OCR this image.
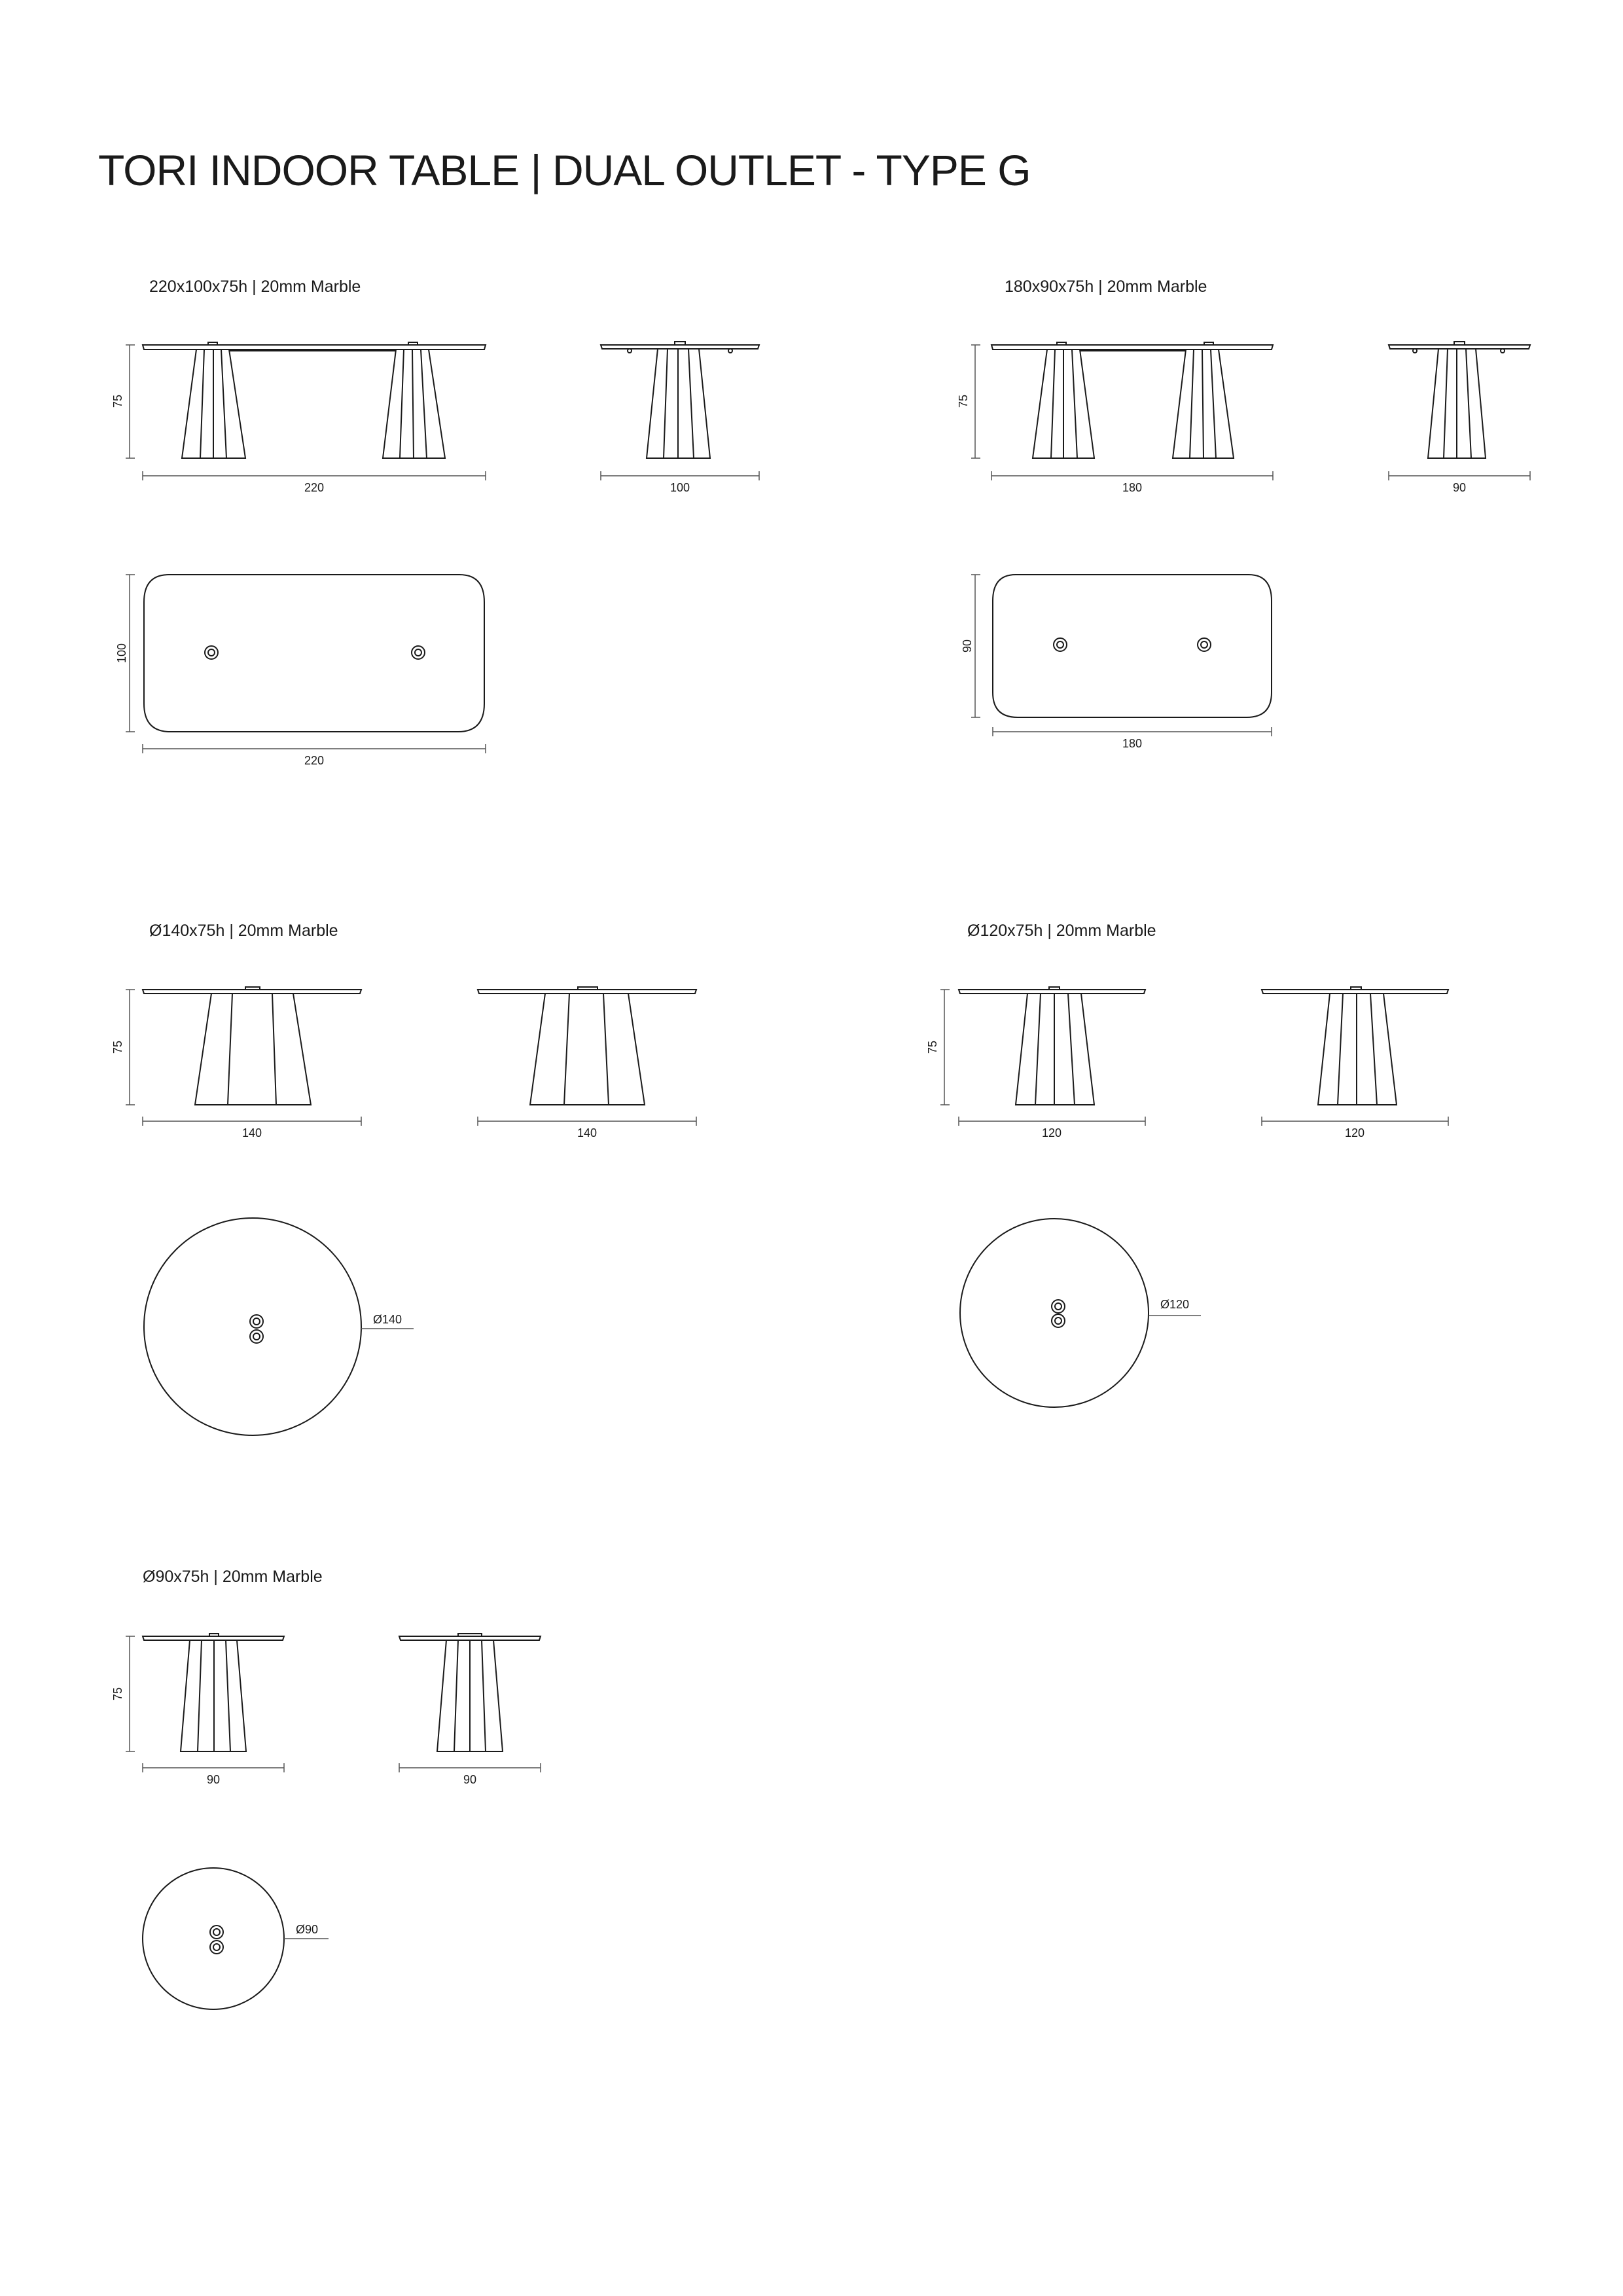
TORI INDOOR TABLE | DUAL OUTLET - TYPE G
220x100x75h | 20mm Marble	180x90x75h | 20mm Marble
Ø140x75h | 20mm Marble	Ø120x75h | 20mm Marble
Ø90x75h | 20mm Marble
75
220	100
100
220
75
180	90
90
180
75
140	140
Ø140
75
120	120
Ø120
75
90	90
Ø90
